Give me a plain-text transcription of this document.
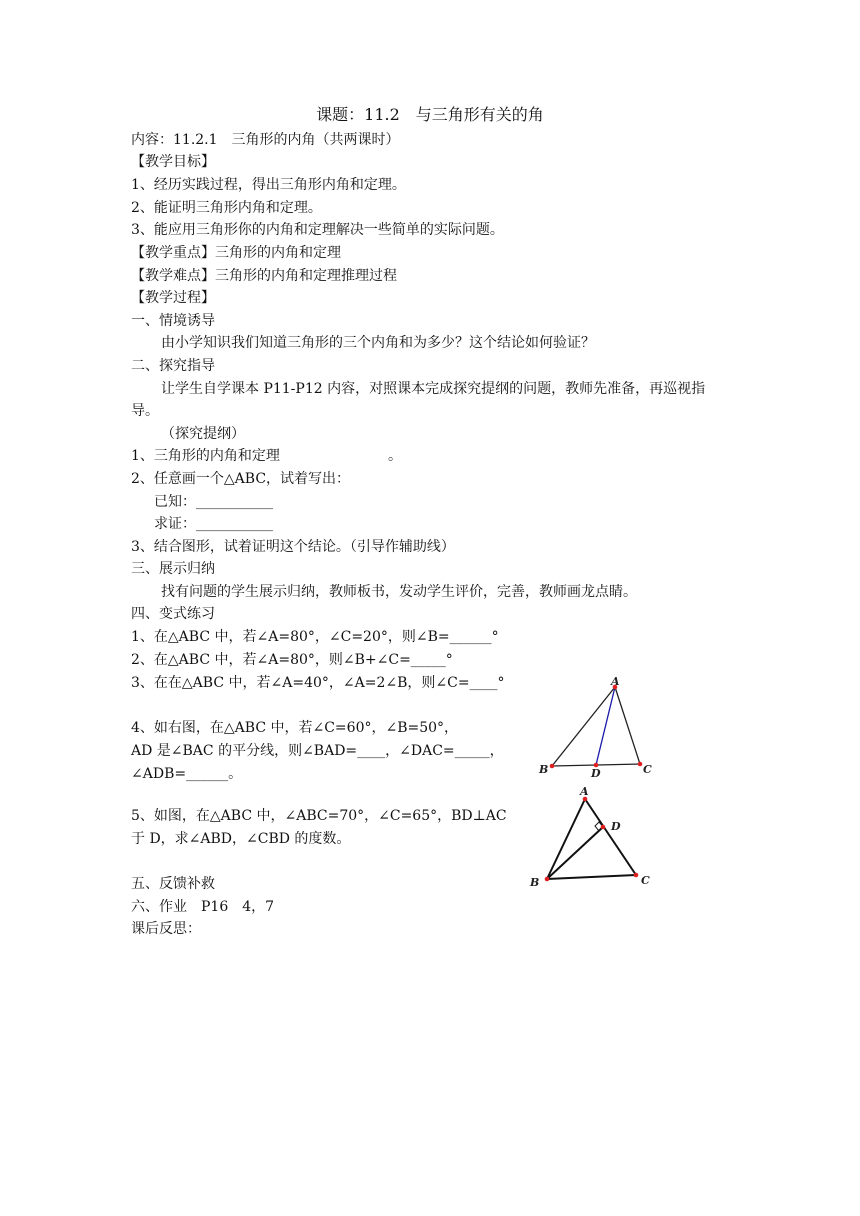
课题：11.2　与三角形有关的角
内容：11.2.1　三角形的内角（共两课时）
【教学目标】
1、经历实践过程，得出三角形内角和定理。
2、能证明三角形内角和定理。
3、能应用三角形你的内角和定理解决一些简单的实际问题。
【教学重点】三角形的内角和定理
【教学难点】三角形的内角和定理推理过程
【教学过程】
一、情境诱导
由小学知识我们知道三角形的三个内角和为多少？这个结论如何验证？
二、探究指导
让学生自学课本 P11-P12 内容，对照课本完成探究提纲的问题，教师先准备，再巡视指
导。
（探究提纲）
1、三角形的内角和定理	。
2、任意画一个△ABC，试着写出：
已知：___________
求证：___________
3、结合图形，试着证明这个结论。（引导作辅助线）
三、展示归纳
找有问题的学生展示归纳，教师板书，发动学生评价，完善，教师画龙点睛。
四、变式练习
1、在△ABC 中，若∠A=80°，∠C=20°，则∠B=______°
2、在△ABC 中，若∠A=80°，则∠B+∠C=_____°
3、在在△ABC 中，若∠A=40°，∠A=2∠B，则∠C=____°
4、如右图，在△ABC 中，若∠C=60°，∠B=50°，
AD 是∠BAC 的平分线，则∠BAD=____，∠DAC=_____，
∠ADB=______。
5、如图，在△ABC 中，∠ABC=70°，∠C=65°，BD⊥AC
于 D，求∠ABD，∠CBD 的度数。
五、反馈补救
六、作业　P16　4，7
课后反思：
A
B	C
D
A
B	C
D
